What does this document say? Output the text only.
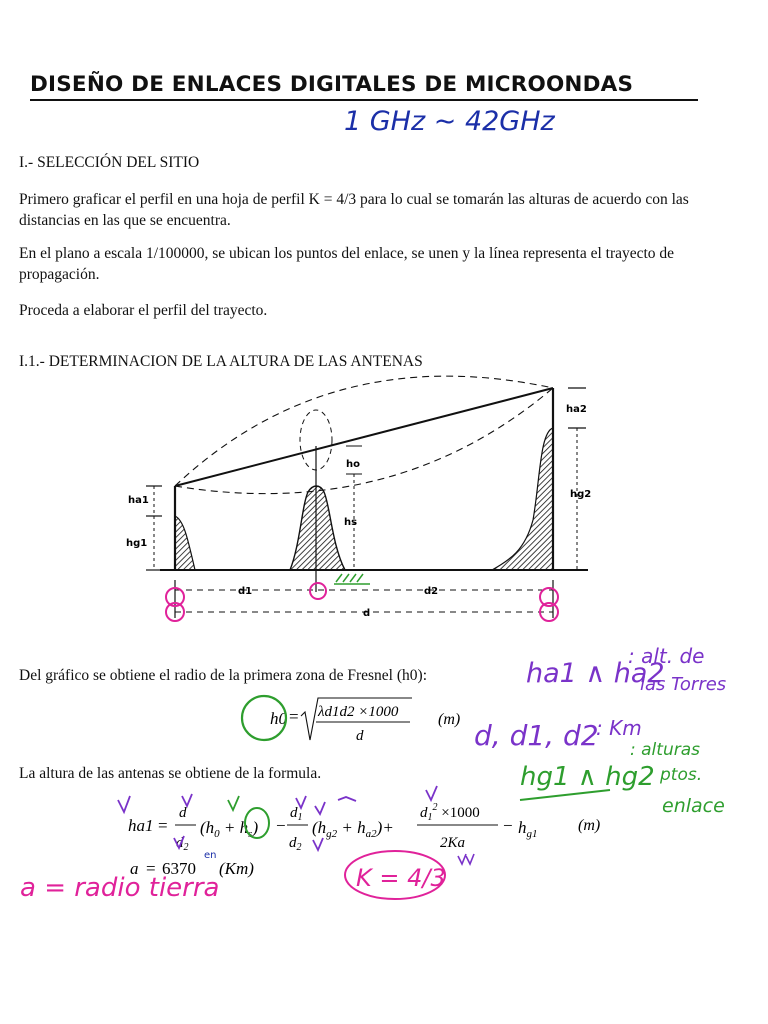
DISEÑO DE ENLACES DIGITALES DE MICROONDAS
1 GHz ∼ 42GHz
I.- SELECCIÓN DEL SITIO
Primero graficar el perfil en una hoja de perfil K = 4/3 para lo cual se tomarán las alturas de acuerdo con las distancias en las que se encuentra.
En el plano a escala 1/100000, se ubican los puntos del enlace, se unen y la línea representa el trayecto de propagación.
Proceda a elaborar el perfil del trayecto.
I.1.- DETERMINACION DE LA ALTURA DE LAS ANTENAS
ha1
hg1
ho
hs
ha2
hg2
d1	d2
d
Del gráfico se obtiene el radio de la primera zona de Fresnel (h0):
La altura de las antenas se obtiene de la formula.
h0 = λd1d2 ×1000
d
(m)
ha1 =
d
$d_2$
$(h_0 + h_s)$ −
$d_1$
$d_2$
$(h_{g2} + h_{a2})+$
$d_1^2 \times 1000$
2Ka
− $h_{g1}$	(m)
a = 6370
en
(Km)
ha1 ∧ ha2
: alt. de
las Torres
d, d1, d2
: Km
hg1 ∧ hg2
: alturas
ptos.
enlace
a = radio tierra	K = 4/3
